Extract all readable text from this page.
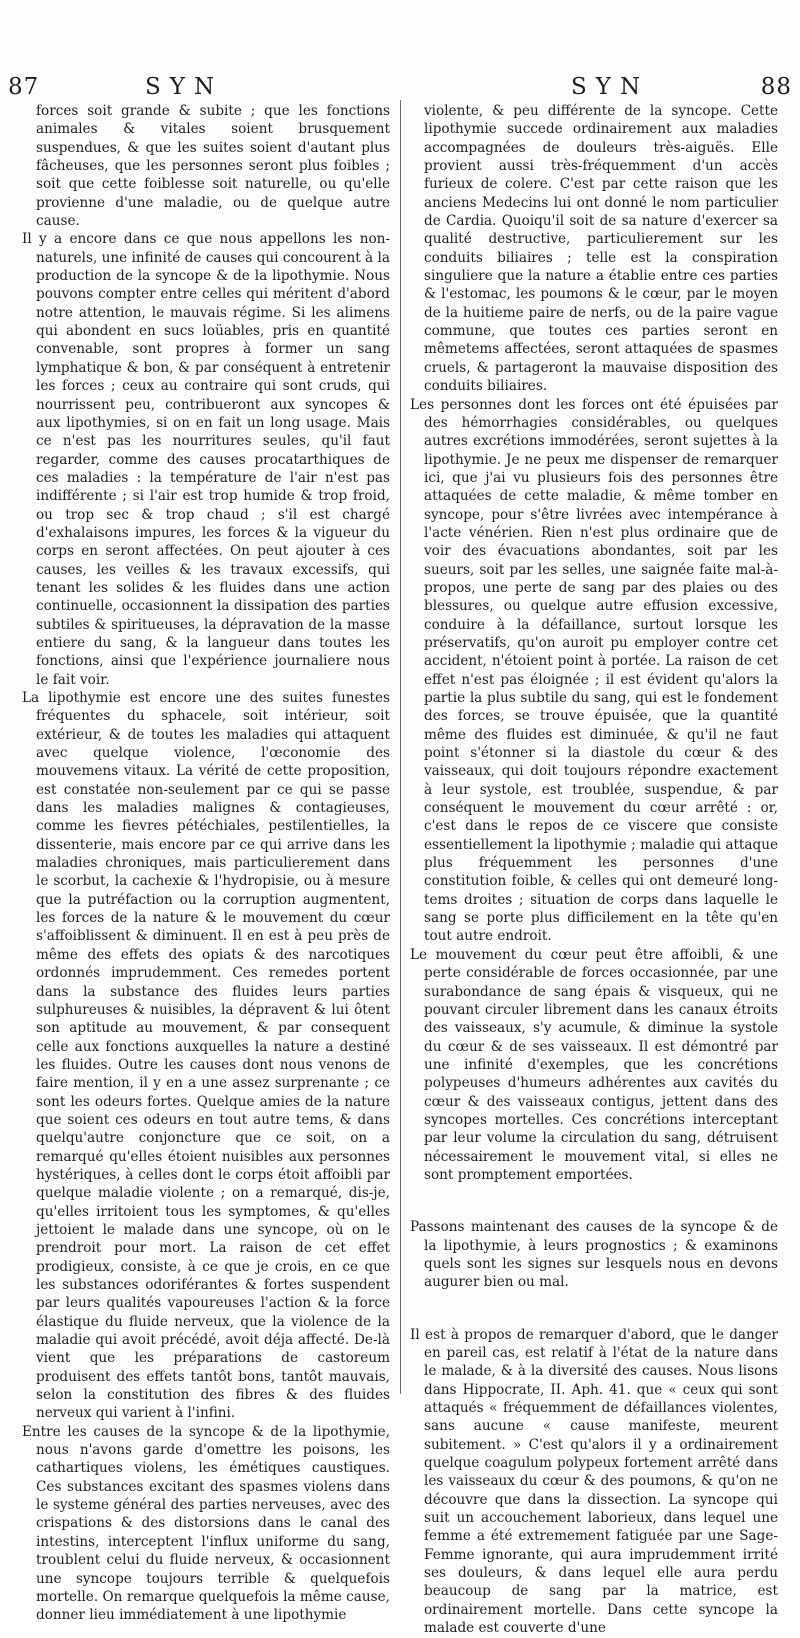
87	SYN	SYN	88

forces soit grande & subite ; que les fonctions animales & vitales soient brusquement suspendues, & que les suites soient d'autant plus fâcheuses, que les personnes seront plus foibles ; soit que cette foiblesse soit naturelle, ou qu'elle provienne d'une maladie, ou de quelque autre cause.

Il y a encore dans ce que nous appellons les non-naturels, une infinité de causes qui concourent à la production de la syncope & de la lipothymie. Nous pouvons compter entre celles qui méritent d'abord notre attention, le mauvais régime. Si les alimens qui abondent en sucs loüables, pris en quantité convenable, sont propres à former un sang lymphatique & bon, & par conséquent à entretenir les forces ; ceux au contraire qui sont cruds, qui nourrissent peu, contribueront aux syncopes & aux lipothymies, si on en fait un long usage. Mais ce n'est pas les nourritures seules, qu'il faut regarder, comme des causes procatarthiques de ces maladies : la température de l'air n'est pas indifférente ; si l'air est trop humide & trop froid, ou trop sec & trop chaud ; s'il est chargé d'exhalaisons impures, les forces & la vigueur du corps en seront affectées. On peut ajouter à ces causes, les veilles & les travaux excessifs, qui tenant les solides & les fluides dans une action continuelle, occasionnent la dissipation des parties subtiles & spiritueuses, la dépravation de la masse entiere du sang, & la langueur dans toutes les fonctions, ainsi que l'expérience journaliere nous le fait voir.

La lipothymie est encore une des suites funestes fréquentes du sphacele, soit intérieur, soit extérieur, & de toutes les maladies qui attaquent avec quelque violence, l'œconomie des mouvemens vitaux. La vérité de cette proposition, est constatée non-seulement par ce qui se passe dans les maladies malignes & contagieuses, comme les fievres pétéchiales, pestilentielles, la dissenterie, mais encore par ce qui arrive dans les maladies chroniques, mais particulierement dans le scorbut, la cachexie & l'hydropisie, ou à mesure que la putréfaction ou la corruption augmentent, les forces de la nature & le mouvement du cœur s'affoiblissent & diminuent. Il en est à peu près de même des effets des opiats & des narcotiques ordonnés imprudemment. Ces remedes portent dans la substance des fluides leurs parties sulphureuses & nuisibles, la dépravent & lui ôtent son aptitude au mouvement, & par consequent celle aux fonctions auxquelles la nature a destiné les fluides. Outre les causes dont nous venons de faire mention, il y en a une assez surprenante ; ce sont les odeurs fortes. Quelque amies de la nature que soient ces odeurs en tout autre tems, & dans quelqu'autre conjoncture que ce soit, on a remarqué qu'elles étoient nuisibles aux personnes hystériques, à celles dont le corps étoit affoibli par quelque maladie violente ; on a remarqué, dis-je, qu'elles irritoient tous les symptomes, & qu'elles jettoient le malade dans une syncope, où on le prendroit pour mort. La raison de cet effet prodigieux, consiste, à ce que je crois, en ce que les substances odoriférantes & fortes suspendent par leurs qualités vapoureuses l'action & la force élastique du fluide nerveux, que la violence de la maladie qui avoit précédé, avoit déja affecté. De-là vient que les préparations de castoreum produisent des effets tantôt bons, tantôt mauvais, selon la constitution des fibres & des fluides nerveux qui varient à l'infini.

Entre les causes de la syncope & de la lipothymie, nous n'avons garde d'omettre les poisons, les cathartiques violens, les émétiques caustiques. Ces substances excitant des spasmes violens dans le systeme général des parties nerveuses, avec des crispations & des distorsions dans le canal des intestins, interceptent l'influx uniforme du sang, troublent celui du fluide nerveux, & occasionnent une syncope toujours terrible & quelquefois mortelle. On remarque quelquefois la même cause, donner lieu immédiatement à une lipothymie

violente, & peu différente de la syncope. Cette lipothymie succede ordinairement aux maladies accompagnées de douleurs très-aiguës. Elle provient aussi très-fréquemment d'un accès furieux de colere. C'est par cette raison que les anciens Medecins lui ont donné le nom particulier de Cardia. Quoiqu'il soit de sa nature d'exercer sa qualité destructive, particulierement sur les conduits biliaires ; telle est la conspiration singuliere que la nature a établie entre ces parties & l'estomac, les poumons & le cœur, par le moyen de la huitieme paire de nerfs, ou de la paire vague commune, que toutes ces parties seront en mêmetems affectées, seront attaquées de spasmes cruels, & partageront la mauvaise disposition des conduits biliaires.

Les personnes dont les forces ont été épuisées par des hémorrhagies considérables, ou quelques autres excrétions immodérées, seront sujettes à la lipothymie. Je ne peux me dispenser de remarquer ici, que j'ai vu plusieurs fois des personnes être attaquées de cette maladie, & même tomber en syncope, pour s'être livrées avec intempérance à l'acte vénérien. Rien n'est plus ordinaire que de voir des évacuations abondantes, soit par les sueurs, soit par les selles, une saignée faite mal-à-propos, une perte de sang par des plaies ou des blessures, ou quelque autre effusion excessive, conduire à la défaillance, surtout lorsque les préservatifs, qu'on auroit pu employer contre cet accident, n'étoient point à portée. La raison de cet effet n'est pas éloignée ; il est évident qu'alors la partie la plus subtile du sang, qui est le fondement des forces, se trouve épuisée, que la quantité même des fluides est diminuée, & qu'il ne faut point s'étonner si la diastole du cœur & des vaisseaux, qui doit toujours répondre exactement à leur systole, est troublée, suspendue, & par conséquent le mouvement du cœur arrêté : or, c'est dans le repos de ce viscere que consiste essentiellement la lipothymie ; maladie qui attaque plus fréquemment les personnes d'une constitution foible, & celles qui ont demeuré long-tems droites ; situation de corps dans laquelle le sang se porte plus difficilement en la tête qu'en tout autre endroit.

Le mouvement du cœur peut être affoibli, & une perte considérable de forces occasionnée, par une surabondance de sang épais & visqueux, qui ne pouvant circuler librement dans les canaux étroits des vaisseaux, s'y acumule, & diminue la systole du cœur & de ses vaisseaux. Il est démontré par une infinité d'exemples, que les concrétions polypeuses d'humeurs adhérentes aux cavités du cœur & des vaisseaux contigus, jettent dans des syncopes mortelles. Ces concrétions interceptant par leur volume la circulation du sang, détruisent nécessairement le mouvement vital, si elles ne sont promptement emportées.

Passons maintenant des causes de la syncope & de la lipothymie, à leurs prognostics ; & examinons quels sont les signes sur lesquels nous en devons augurer bien ou mal.

Il est à propos de remarquer d'abord, que le danger en pareil cas, est relatif à l'état de la nature dans le malade, & à la diversité des causes. Nous lisons dans Hippocrate, II. Aph. 41. que « ceux qui sont attaqués « fréquemment de défaillances violentes, sans aucune « cause manifeste, meurent subitement. » C'est qu'alors il y a ordinairement quelque coagulum polypeux fortement arrêté dans les vaisseaux du cœur & des poumons, & qu'on ne découvre que dans la dissection. La syncope qui suit un accouchement laborieux, dans lequel une femme a été extremement fatiguée par une Sage-Femme ignorante, qui aura imprudemment irrité ses douleurs, & dans lequel elle aura perdu beaucoup de sang par la matrice, est ordinairement mortelle. Dans cette syncope la malade est couverte d'une
